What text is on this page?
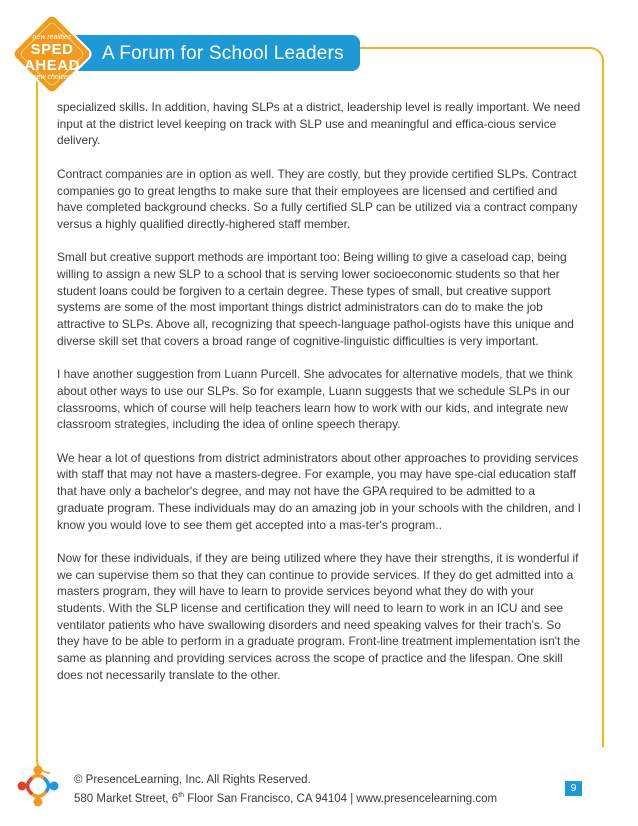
A Forum for School Leaders
new realities
SPED
AHEAD
new choices

specialized skills. In addition, having SLPs at a district, leadership level is really important. We need input at the district level keeping on track with SLP use and meaningful and effica-cious service delivery.

Contract companies are in option as well. They are costly, but they provide certified SLPs. Contract companies go to great lengths to make sure that their employees are licensed and certified and have completed background checks. So a fully certified SLP can be utilized via a contract company versus a highly qualified directly-highered staff member.

Small but creative support methods are important too: Being willing to give a caseload cap, being willing to assign a new SLP to a school that is serving lower socioeconomic students so that her student loans could be forgiven to a certain degree. These types of small, but creative support systems are some of the most important things district administrators can do to make the job attractive to SLPs. Above all, recognizing that speech-language pathol-ogists have this unique and diverse skill set that covers a broad range of cognitive-linguistic difficulties is very important.

I have another suggestion from Luann Purcell. She advocates for alternative models, that we think about other ways to use our SLPs. So for example, Luann suggests that we schedule SLPs in our classrooms, which of course will help teachers learn how to work with our kids, and integrate new classroom strategies, including the idea of online speech therapy.

We hear a lot of questions from district administrators about other approaches to providing services with staff that may not have a masters-degree. For example, you may have spe-cial education staff that have only a bachelor's degree, and may not have the GPA required to be admitted to a graduate program. These individuals may do an amazing job in your schools with the children, and I know you would love to see them get accepted into a mas-ter's program..

Now for these individuals, if they are being utilized where they have their strengths, it is wonderful if we can supervise them so that they can continue to provide services. If they do get admitted into a masters program, they will have to learn to provide services beyond what they do with your students. With the SLP license and certification they will need to learn to work in an ICU and see ventilator patients who have swallowing disorders and need speaking valves for their trach's. So they have to be able to perform in a graduate program. Front-line treatment implementation isn't the same as planning and providing services across the scope of practice and the lifespan. One skill does not necessarily translate to the other.

© PresenceLearning, Inc. All Rights Reserved.
580 Market Street, 6th Floor San Francisco, CA 94104 | www.presencelearning.com
9
